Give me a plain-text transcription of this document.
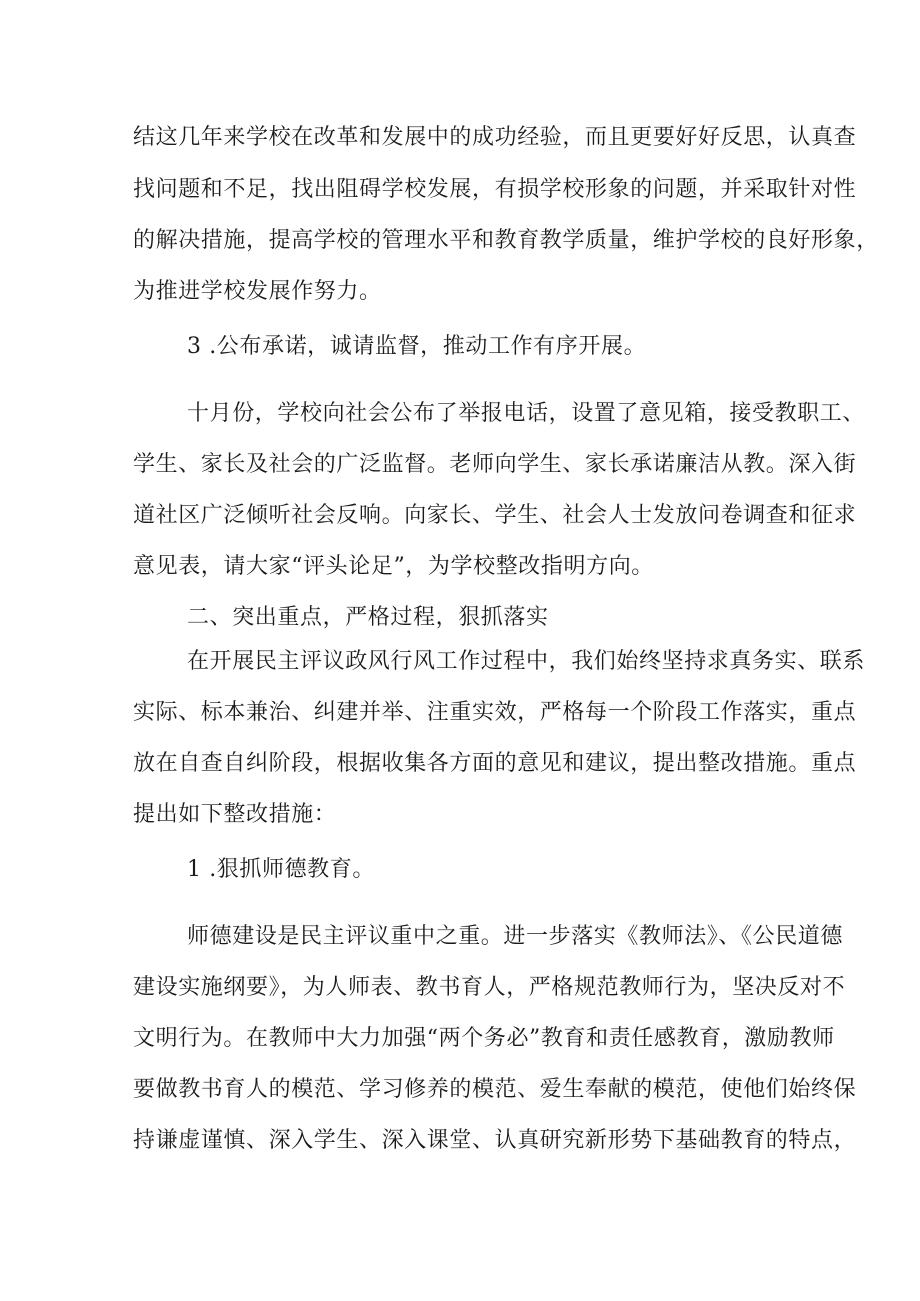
结这几年来学校在改革和发展中的成功经验，而且更要好好反思，认真查
找问题和不足，找出阻碍学校发展，有损学校形象的问题，并采取针对性
的解决措施，提高学校的管理水平和教育教学质量，维护学校的良好形象，
为推进学校发展作努力。
3 .公布承诺，诚请监督，推动工作有序开展。
十月份，学校向社会公布了举报电话，设置了意见箱，接受教职工、
学生、家长及社会的广泛监督。老师向学生、家长承诺廉洁从教。深入街
道社区广泛倾听社会反响。向家长、学生、社会人士发放问卷调查和征求
意见表，请大家“评头论足”，为学校整改指明方向。
二、突出重点，严格过程，狠抓落实
在开展民主评议政风行风工作过程中，我们始终坚持求真务实、联系
实际、标本兼治、纠建并举、注重实效，严格每一个阶段工作落实，重点
放在自查自纠阶段，根据收集各方面的意见和建议，提出整改措施。重点
提出如下整改措施：
1 .狠抓师德教育。
师德建设是民主评议重中之重。进一步落实《教师法》、《公民道德
建设实施纲要》，为人师表、教书育人，严格规范教师行为，坚决反对不
文明行为。在教师中大力加强“两个务必”教育和责任感教育，激励教师
要做教书育人的模范、学习修养的模范、爱生奉献的模范，使他们始终保
持谦虚谨慎、深入学生、深入课堂、认真研究新形势下基础教育的特点，
